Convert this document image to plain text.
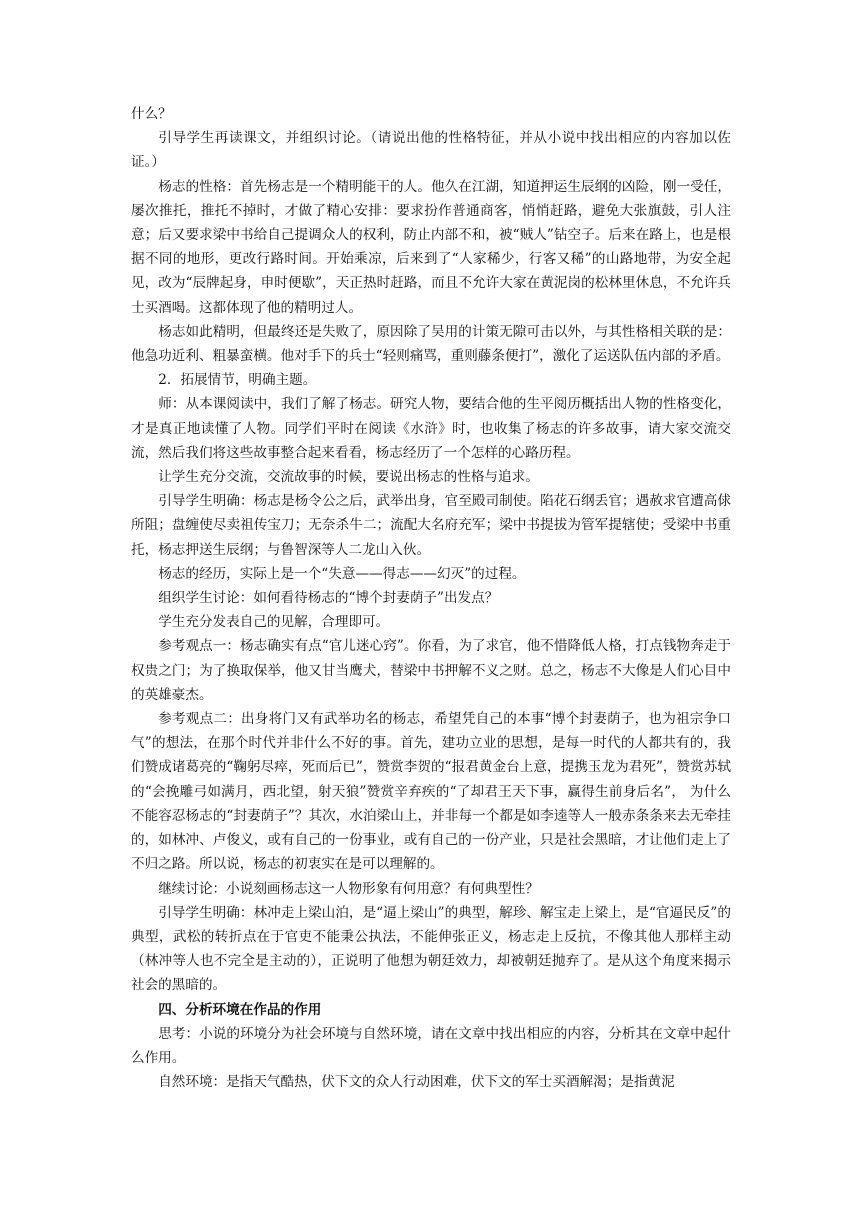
什么？

引导学生再读课文，并组织讨论。（请说出他的性格特征，并从小说中找出相应的内容加以佐证。）

杨志的性格：首先杨志是一个精明能干的人。他久在江湖，知道押运生辰纲的凶险，刚一受任，屡次推托，推托不掉时，才做了精心安排：要求扮作普通商客，悄悄赶路，避免大张旗鼓，引人注意；后又要求梁中书给自己提调众人的权利，防止内部不和，被“贼人”钻空子。后来在路上，也是根据不同的地形，更改行路时间。开始乘凉，后来到了“人家稀少，行客又稀”的山路地带，为安全起见，改为“辰牌起身，申时便歇”，天正热时赶路，而且不允许大家在黄泥岗的松林里休息，不允许兵士买酒喝。这都体现了他的精明过人。

杨志如此精明，但最终还是失败了，原因除了吴用的计策无隙可击以外，与其性格相关联的是：他急功近利、粗暴蛮横。他对手下的兵士“轻则痛骂，重则藤条便打”，激化了运送队伍内部的矛盾。

2．拓展情节，明确主题。

师：从本课阅读中，我们了解了杨志。研究人物，要结合他的生平阅历概括出人物的性格变化，才是真正地读懂了人物。同学们平时在阅读《水浒》时，也收集了杨志的许多故事，请大家交流交流，然后我们将这些故事整合起来看看，杨志经历了一个怎样的心路历程。

让学生充分交流，交流故事的时候，要说出杨志的性格与追求。

引导学生明确：杨志是杨令公之后，武举出身，官至殿司制使。陷花石纲丢官；遇赦求官遭高俅所阻；盘缠使尽卖祖传宝刀；无奈杀牛二；流配大名府充军；梁中书提拔为管军提辖使；受梁中书重托，杨志押送生辰纲；与鲁智深等人二龙山入伙。

杨志的经历，实际上是一个“失意——得志——幻灭”的过程。

组织学生讨论：如何看待杨志的“博个封妻荫子”出发点？

学生充分发表自己的见解，合理即可。

参考观点一：杨志确实有点“官儿迷心窍”。你看，为了求官，他不惜降低人格，打点钱物奔走于权贵之门；为了换取保举，他又甘当鹰犬，替梁中书押解不义之财。总之，杨志不大像是人们心目中的英雄豪杰。

参考观点二：出身将门又有武举功名的杨志，希望凭自己的本事“博个封妻荫子，也为祖宗争口气”的想法，在那个时代并非什么不好的事。首先，建功立业的思想，是每一时代的人都共有的，我们赞成诸葛亮的“鞠躬尽瘁，死而后已”，赞赏李贺的“报君黄金台上意，提携玉龙为君死”，赞赏苏轼的“会挽雕弓如满月，西北望，射天狼”赞赏辛弃疾的“了却君王天下事，赢得生前身后名”， 为什么不能容忍杨志的“封妻荫子”？其次，水泊梁山上，并非每一个都是如李逵等人一般赤条条来去无牵挂的，如林冲、卢俊义，或有自己的一份事业，或有自己的一份产业，只是社会黑暗，才让他们走上了不归之路。所以说，杨志的初衷实在是可以理解的。

继续讨论：小说刻画杨志这一人物形象有何用意？有何典型性？

引导学生明确：林冲走上梁山泊，是“逼上梁山”的典型，解珍、解宝走上梁上，是“官逼民反”的典型，武松的转折点在于官吏不能秉公执法，不能伸张正义，杨志走上反抗，不像其他人那样主动（林冲等人也不完全是主动的），正说明了他想为朝廷效力，却被朝廷抛弃了。是从这个角度来揭示社会的黑暗的。

四、分析环境在作品的作用

思考：小说的环境分为社会环境与自然环境，请在文章中找出相应的内容，分析其在文章中起什么作用。

自然环境：是指天气酷热，伏下文的众人行动困难，伏下文的军士买酒解渴；是指黄泥
